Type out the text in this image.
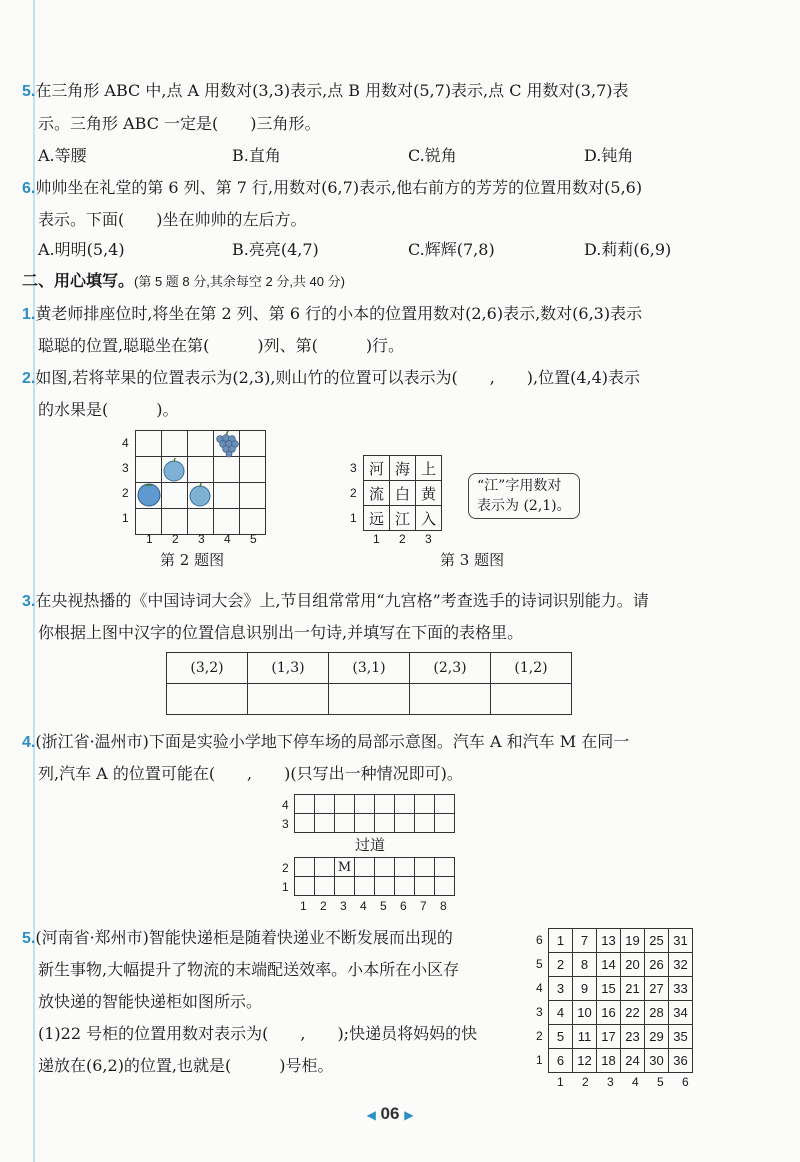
5.在三角形 ABC 中,点 A 用数对(3,3)表示,点 B 用数对(5,7)表示,点 C 用数对(3,7)表
示。三角形 ABC 一定是(　　)三角形。
A.等腰	B.直角	C.锐角	D.钝角
6.帅帅坐在礼堂的第 6 列、第 7 行,用数对(6,7)表示,他右前方的芳芳的位置用数对(5,6)
表示。下面(　　)坐在帅帅的左后方。
A.明明(5,4)	B.亮亮(4,7)	C.辉辉(7,8)	D.莉莉(6,9)
二、用心填写。(第 5 题 8 分,其余每空 2 分,共 40 分)
1.黄老师排座位时,将坐在第 2 列、第 6 行的小本的位置用数对(2,6)表示,数对(6,3)表示
聪聪的位置,聪聪坐在第(　　　)列、第(　　　)行。
2.如图,若将苹果的位置表示为(2,3),则山竹的位置可以表示为(　　,　　),位置(4,4)表示
的水果是(　　　)。

4
3
2
1
1 2 3 4 5
第 2 题图
河	海	上
流	白	黄
远	江	入
3
2
1
1 2 3
“江”字用数对
表示为 (2,1)。
第 3 题图
3.在央视热播的《中国诗词大会》上,节目组常常用“九宫格”考查选手的诗词识别能力。请
你根据上图中汉字的位置信息识别出一句诗,并填写在下面的表格里。
(3,2)	(1,3)	(3,1)	(2,3)	(1,2)

4.(浙江省·温州市)下面是实验小学地下停车场的局部示意图。汽车 A 和汽车 M 在同一
列,汽车 A 的位置可能在(　　,　　)(只写出一种情况即可)。

4
3
过道
		M					

2
1
1 2 3 4 5 6 7 8
5.(河南省·郑州市)智能快递柜是随着快递业不断发展而出现的
新生事物,大幅提升了物流的末端配送效率。小本所在小区存
放快递的智能快递柜如图所示。
(1)22 号柜的位置用数对表示为(　　,　　);快递员将妈妈的快
递放在(6,2)的位置,也就是(　　　)号柜。
1	7	13	19	25	31
2	8	14	20	26	32
3	9	15	21	27	33
4	10	16	22	28	34
5	11	17	23	29	35
6	12	18	24	30	36
6
5
4
3
2
1
1 2 3 4 5 6
◀ 06 ▶
